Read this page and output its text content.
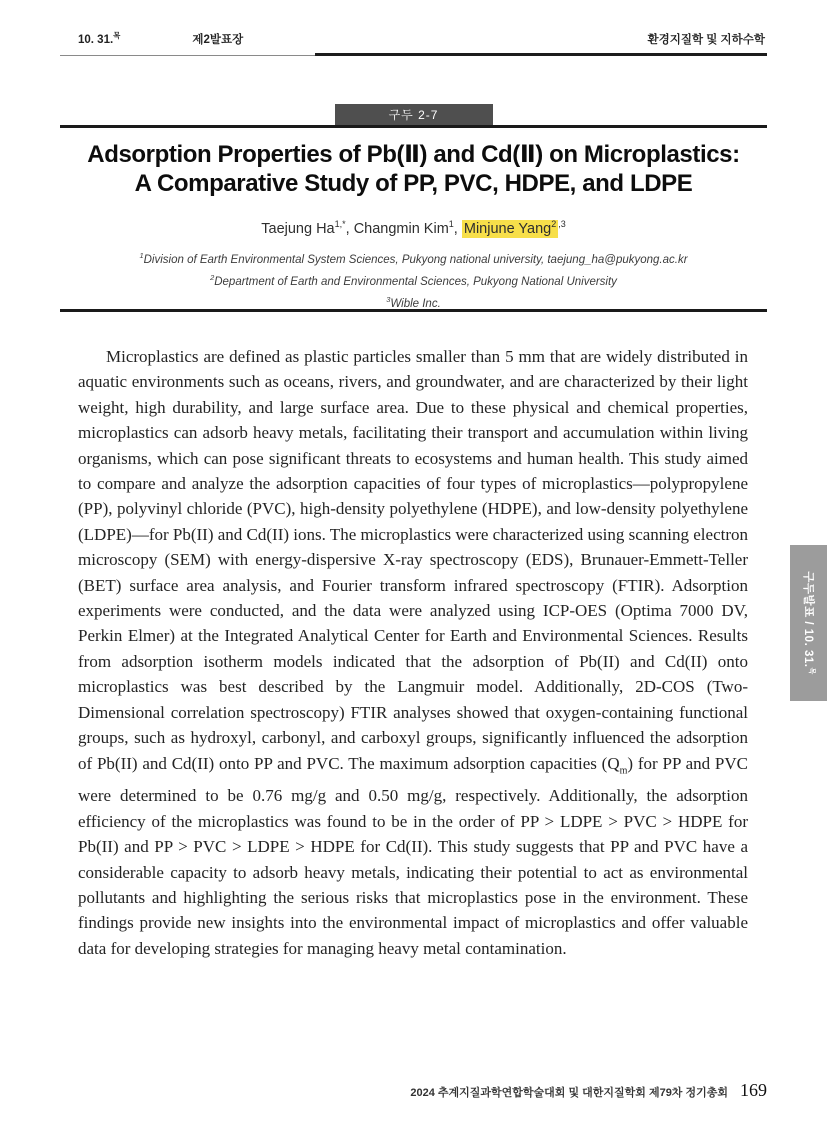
10. 31.$^목$	제2발표장	환경지질학 및 지하수학
구두 2-7
Adsorption Properties of Pb(Ⅱ) and Cd(Ⅱ) on Microplastics:
A Comparative Study of PP, PVC, HDPE, and LDPE
Taejung $Ha^{1,*}$, Changmin Kim$^1$, Minjune Yang$^2$ $^{,3}$
$^1$Division of Earth Environmental System Sciences, Pukyong national university, taejung_ha@pukyong.ac.kr
$^2$Department of Earth and Environmental Sciences, Pukyong National University
$^3$Wible Inc.
Microplastics are defined as plastic particles smaller than 5 mm that are widely distributed in aquatic environments such as oceans, rivers, and groundwater, and are characterized by their light weight, high durability, and large surface area. Due to these physical and chemical properties, microplastics can adsorb heavy metals, facilitating their transport and accumulation within living organisms, which can pose significant threats to ecosystems and human health. This study aimed to compare and analyze the adsorption capacities of four types of microplastics—polypropylene (PP), polyvinyl chloride (PVC), high-density polyethylene (HDPE), and low-density polyethylene (LDPE)—for Pb(II) and Cd(II) ions. The microplastics were characterized using scanning electron microscopy (SEM) with energy-dispersive X-ray spectroscopy (EDS), Brunauer-Emmett-Teller (BET) surface area analysis, and Fourier transform infrared spectroscopy (FTIR). Adsorption experiments were conducted, and the data were analyzed using ICP-OES (Optima 7000 DV, Perkin Elmer) at the Integrated Analytical Center for Earth and Environmental Sciences. Results from adsorption isotherm models indicated that the adsorption of Pb(II) and Cd(II) onto microplastics was best described by the Langmuir model. Additionally, 2D-COS (Two-Dimensional correlation spectroscopy) FTIR analyses showed that oxygen-containing functional groups, such as hydroxyl, carbonyl, and carboxyl groups, significantly influenced the adsorption of Pb(II) and Cd(II) onto PP and PVC. The maximum adsorption capacities $(Q_m)$ for PP and PVC were determined to be 0.76 mg/g and 0.50 mg/g, respectively. Additionally, the adsorption efficiency of the microplastics was found to be in the order of PP > LDPE > PVC > HDPE for Pb(II) and PP > PVC > LDPE > HDPE for Cd(II). This study suggests that PP and PVC have a considerable capacity to adsorb heavy metals, indicating their potential to act as environmental pollutants and highlighting the serious risks that microplastics pose in the environment. These findings provide new insights into the environmental impact of microplastics and offer valuable data for developing strategies for managing heavy metal contamination.
구두발표 / 10. 31.$^목$
2024 추계지질과학연합학술대회 및 대한지질학회 제79차 정기총회 169
